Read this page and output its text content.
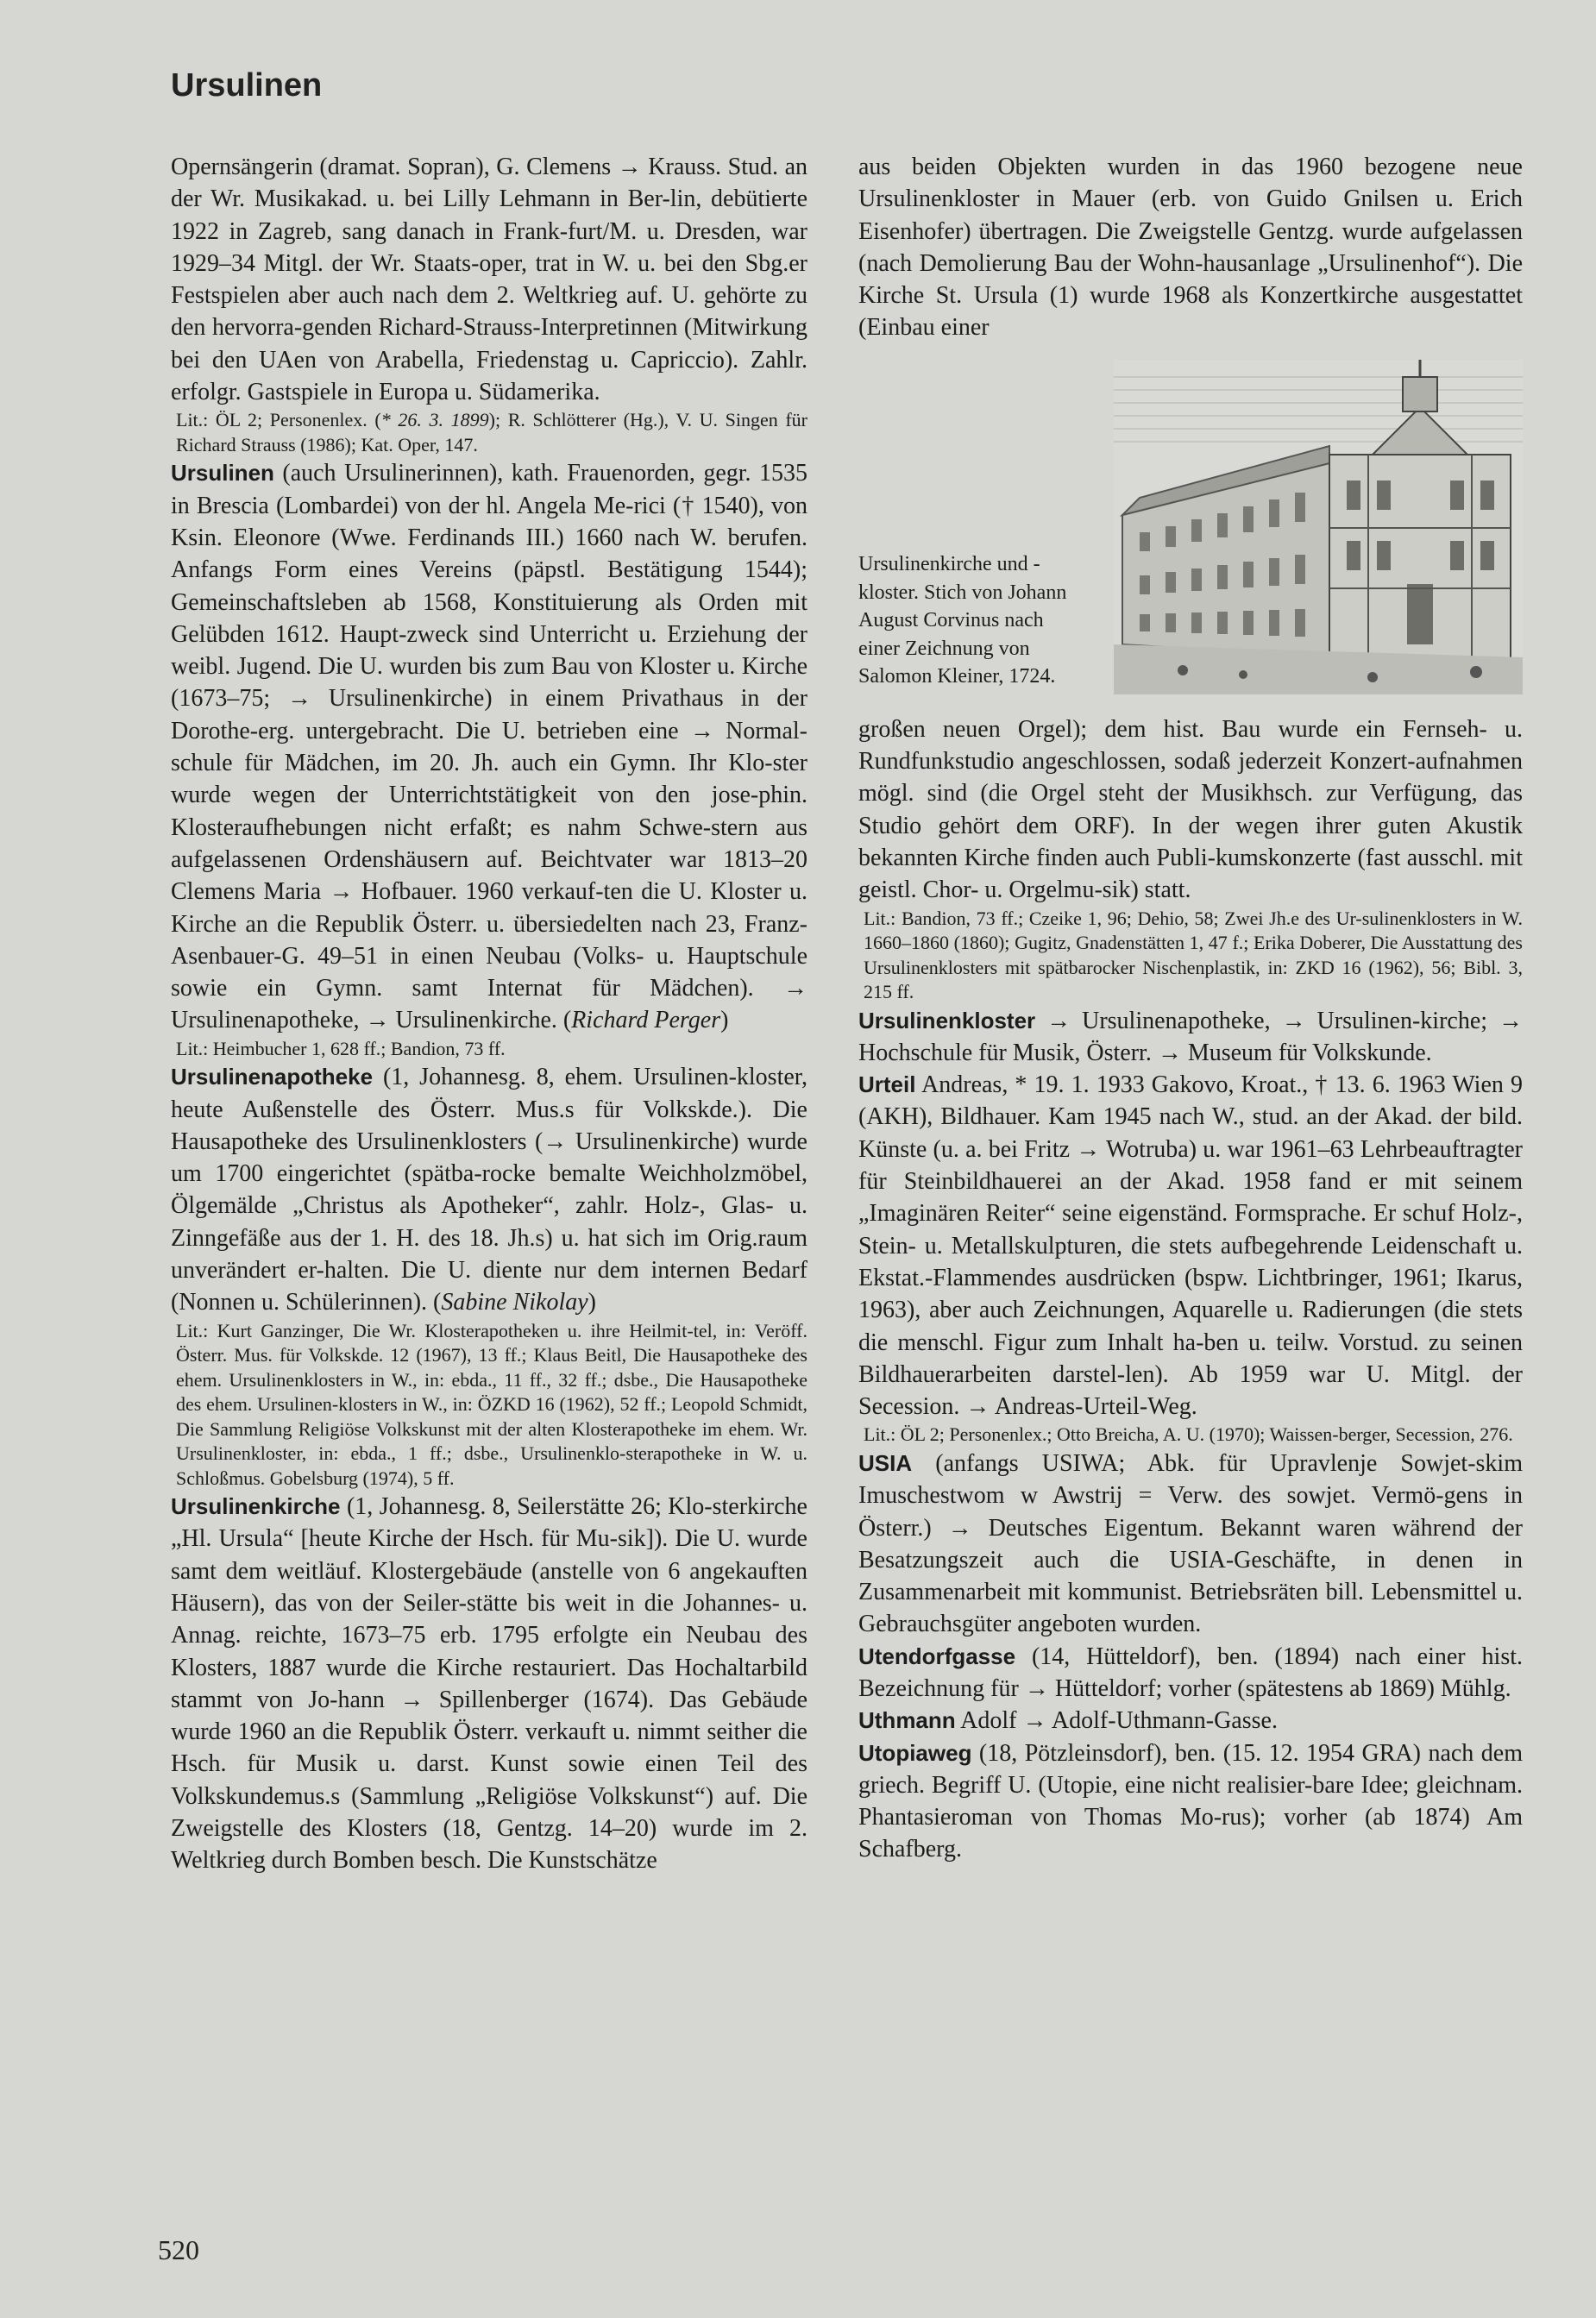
Ursulinen

Opernsängerin (dramat. Sopran), G. Clemens → Krauss. Stud. an der Wr. Musikakad. u. bei Lilly Lehmann in Ber-lin, debütierte 1922 in Zagreb, sang danach in Frank-furt/M. u. Dresden, war 1929–34 Mitgl. der Wr. Staats-oper, trat in W. u. bei den Sbg.er Festspielen aber auch nach dem 2. Weltkrieg auf. U. gehörte zu den hervorra-genden Richard-Strauss-Interpretinnen (Mitwirkung bei den UAen von Arabella, Friedenstag u. Capriccio). Zahlr. erfolgr. Gastspiele in Europa u. Südamerika.

Lit.: ÖL 2; Personenlex. (* 26. 3. 1899); R. Schlötterer (Hg.), V. U. Singen für Richard Strauss (1986); Kat. Oper, 147.

Ursulinen (auch Ursulinerinnen), kath. Frauenorden, gegr. 1535 in Brescia (Lombardei) von der hl. Angela Me-rici († 1540), von Ksin. Eleonore (Wwe. Ferdinands III.) 1660 nach W. berufen. Anfangs Form eines Vereins (päpstl. Bestätigung 1544); Gemeinschaftsleben ab 1568, Konstituierung als Orden mit Gelübden 1612. Haupt-zweck sind Unterricht u. Erziehung der weibl. Jugend. Die U. wurden bis zum Bau von Kloster u. Kirche (1673–75; → Ursulinenkirche) in einem Privathaus in der Dorothe-erg. untergebracht. Die U. betrieben eine → Normal-schule für Mädchen, im 20. Jh. auch ein Gymn. Ihr Klo-ster wurde wegen der Unterrichtstätigkeit von den jose-phin. Klosteraufhebungen nicht erfaßt; es nahm Schwe-stern aus aufgelassenen Ordenshäusern auf. Beichtvater war 1813–20 Clemens Maria → Hofbauer. 1960 verkauf-ten die U. Kloster u. Kirche an die Republik Österr. u. übersiedelten nach 23, Franz-Asenbauer-G. 49–51 in einen Neubau (Volks- u. Hauptschule sowie ein Gymn. samt Internat für Mädchen). → Ursulinenapotheke, → Ursulinenkirche. (Richard Perger)

Lit.: Heimbucher 1, 628 ff.; Bandion, 73 ff.

Ursulinenapotheke (1, Johannesg. 8, ehem. Ursulinen-kloster, heute Außenstelle des Österr. Mus.s für Volkskde.). Die Hausapotheke des Ursulinenklosters (→ Ursulinenkirche) wurde um 1700 eingerichtet (spätba-rocke bemalte Weichholzmöbel, Ölgemälde „Christus als Apotheker“, zahlr. Holz-, Glas- u. Zinngefäße aus der 1. H. des 18. Jh.s) u. hat sich im Orig.raum unverändert er-halten. Die U. diente nur dem internen Bedarf (Nonnen u. Schülerinnen). (Sabine Nikolay)

Lit.: Kurt Ganzinger, Die Wr. Klosterapotheken u. ihre Heilmit-tel, in: Veröff. Österr. Mus. für Volkskde. 12 (1967), 13 ff.; Klaus Beitl, Die Hausapotheke des ehem. Ursulinenklosters in W., in: ebda., 11 ff., 32 ff.; dsbe., Die Hausapotheke des ehem. Ursulinen-klosters in W., in: ÖZKD 16 (1962), 52 ff.; Leopold Schmidt, Die Sammlung Religiöse Volkskunst mit der alten Klosterapotheke im ehem. Wr. Ursulinenkloster, in: ebda., 1 ff.; dsbe., Ursulinenklo-sterapotheke in W. u. Schloßmus. Gobelsburg (1974), 5 ff.

Ursulinenkirche (1, Johannesg. 8, Seilerstätte 26; Klo-sterkirche „Hl. Ursula“ [heute Kirche der Hsch. für Mu-sik]). Die U. wurde samt dem weitläuf. Klostergebäude (anstelle von 6 angekauften Häusern), das von der Seiler-stätte bis weit in die Johannes- u. Annag. reichte, 1673–75 erb. 1795 erfolgte ein Neubau des Klosters, 1887 wurde die Kirche restauriert. Das Hochaltarbild stammt von Jo-hann → Spillenberger (1674). Das Gebäude wurde 1960 an die Republik Österr. verkauft u. nimmt seither die Hsch. für Musik u. darst. Kunst sowie einen Teil des Volkskundemus.s (Sammlung „Religiöse Volkskunst“) auf. Die Zweigstelle des Klosters (18, Gentzg. 14–20) wurde im 2. Weltkrieg durch Bomben besch. Die Kunstschätze

aus beiden Objekten wurden in das 1960 bezogene neue Ursulinenkloster in Mauer (erb. von Guido Gnilsen u. Erich Eisenhofer) übertragen. Die Zweigstelle Gentzg. wurde aufgelassen (nach Demolierung Bau der Wohn-hausanlage „Ursulinenhof“). Die Kirche St. Ursula (1) wurde 1968 als Konzertkirche ausgestattet (Einbau einer

Ursulinenkirche und -kloster. Stich von Johann August Corvinus nach einer Zeichnung von Salomon Kleiner, 1724.

großen neuen Orgel); dem hist. Bau wurde ein Fernseh- u. Rundfunkstudio angeschlossen, sodaß jederzeit Konzert-aufnahmen mögl. sind (die Orgel steht der Musikhsch. zur Verfügung, das Studio gehört dem ORF). In der wegen ihrer guten Akustik bekannten Kirche finden auch Publi-kumskonzerte (fast ausschl. mit geistl. Chor- u. Orgelmu-sik) statt.

Lit.: Bandion, 73 ff.; Czeike 1, 96; Dehio, 58; Zwei Jh.e des Ur-sulinenklosters in W. 1660–1860 (1860); Gugitz, Gnadenstätten 1, 47 f.; Erika Doberer, Die Ausstattung des Ursulinenklosters mit spätbarocker Nischenplastik, in: ZKD 16 (1962), 56; Bibl. 3, 215 ff.

Ursulinenkloster → Ursulinenapotheke, → Ursulinen-kirche; → Hochschule für Musik, Österr. → Museum für Volkskunde.

Urteil Andreas, * 19. 1. 1933 Gakovo, Kroat., † 13. 6. 1963 Wien 9 (AKH), Bildhauer. Kam 1945 nach W., stud. an der Akad. der bild. Künste (u. a. bei Fritz → Wotruba) u. war 1961–63 Lehrbeauftragter für Steinbildhauerei an der Akad. 1958 fand er mit seinem „Imaginären Reiter“ seine eigenständ. Formsprache. Er schuf Holz-, Stein- u. Metallskulpturen, die stets aufbegehrende Leidenschaft u. Ekstat.-Flammendes ausdrücken (bspw. Lichtbringer, 1961; Ikarus, 1963), aber auch Zeichnungen, Aquarelle u. Radierungen (die stets die menschl. Figur zum Inhalt ha-ben u. teilw. Vorstud. zu seinen Bildhauerarbeiten darstel-len). Ab 1959 war U. Mitgl. der Secession. → Andreas-Urteil-Weg.

Lit.: ÖL 2; Personenlex.; Otto Breicha, A. U. (1970); Waissen-berger, Secession, 276.

USIA (anfangs USIWA; Abk. für Upravlenje Sowjet-skim Imuschestwom w Awstrij = Verw. des sowjet. Vermö-gens in Österr.) → Deutsches Eigentum. Bekannt waren während der Besatzungszeit auch die USIA-Geschäfte, in denen in Zusammenarbeit mit kommunist. Betriebsräten bill. Lebensmittel u. Gebrauchsgüter angeboten wurden.

Utendorfgasse (14, Hütteldorf), ben. (1894) nach einer hist. Bezeichnung für → Hütteldorf; vorher (spätestens ab 1869) Mühlg.

Uthmann Adolf → Adolf-Uthmann-Gasse.

Utopiaweg (18, Pötzleinsdorf), ben. (15. 12. 1954 GRA) nach dem griech. Begriff U. (Utopie, eine nicht realisier-bare Idee; gleichnam. Phantasieroman von Thomas Mo-rus); vorher (ab 1874) Am Schafberg.

520
